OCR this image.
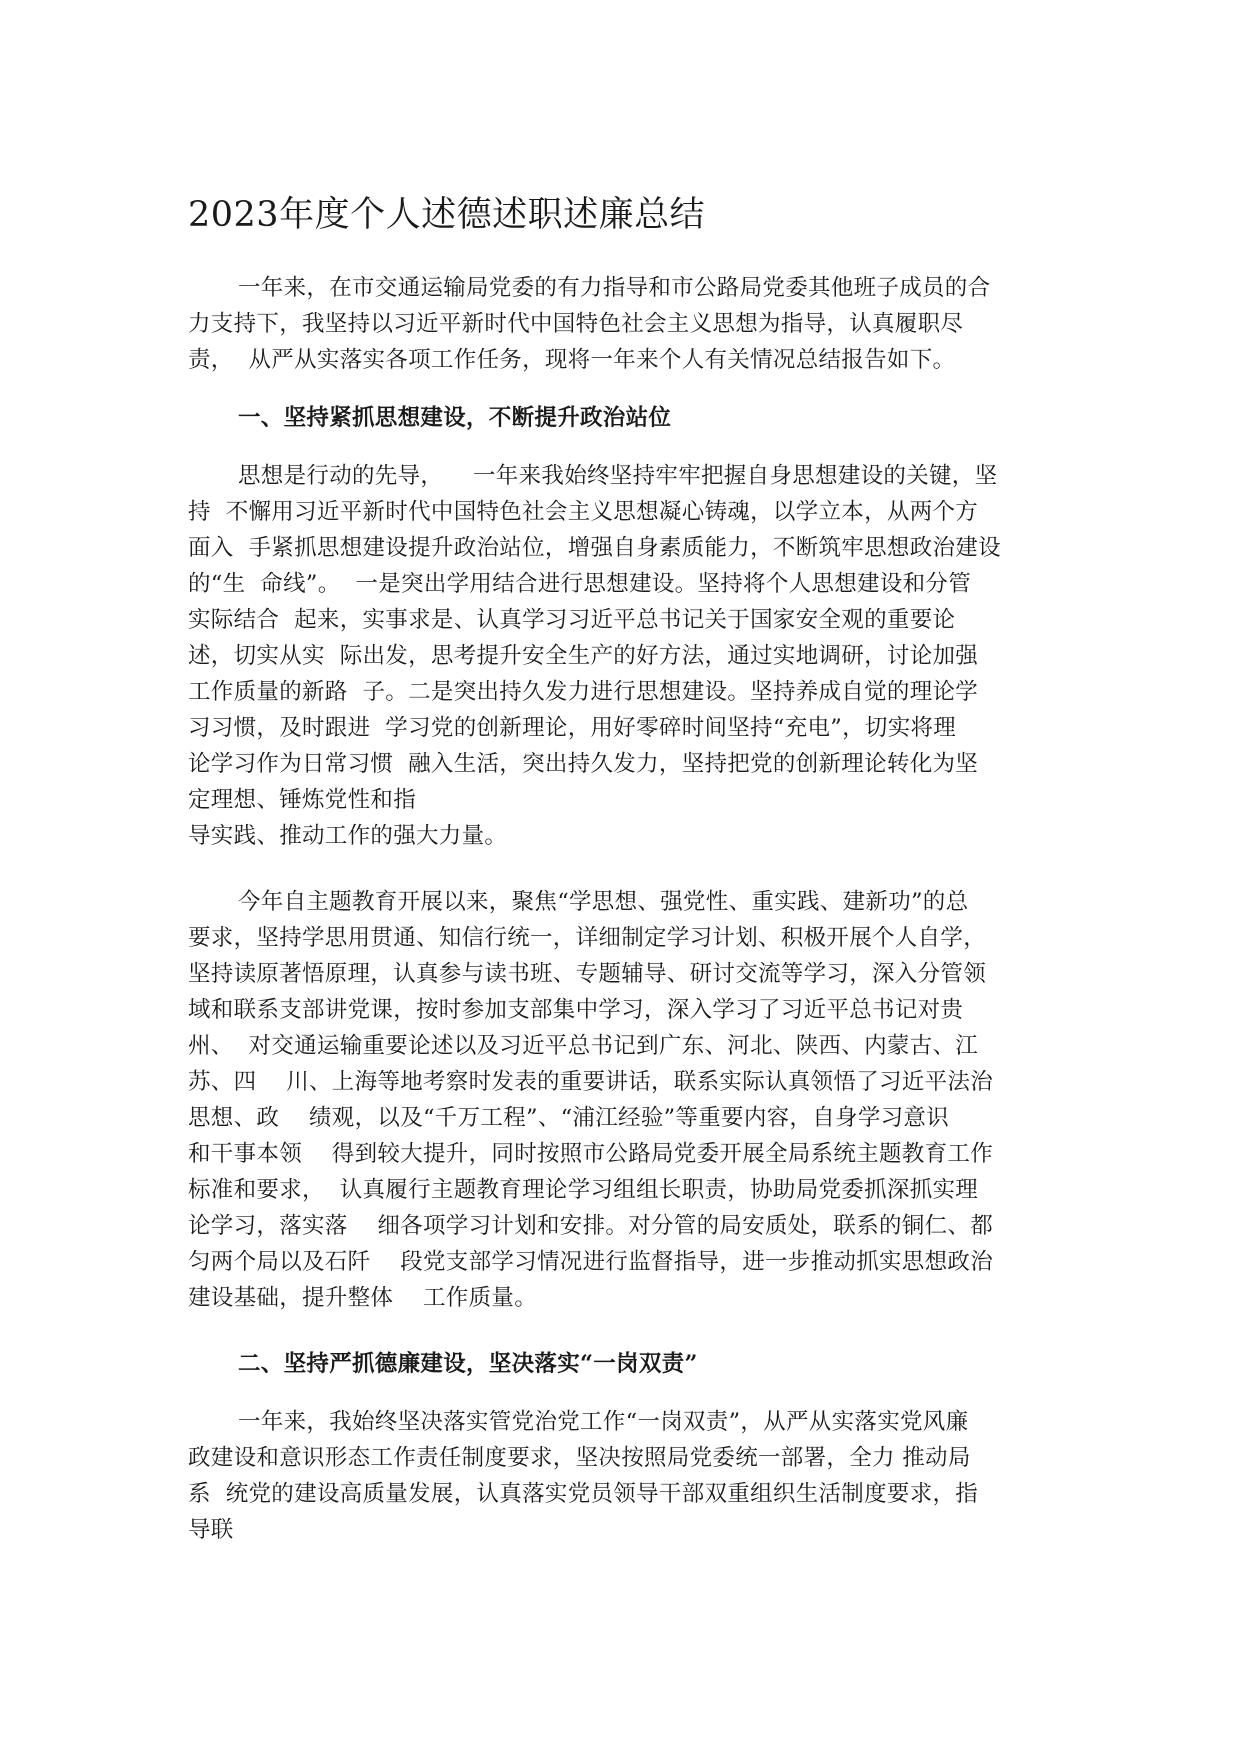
2023年度个人述德述职述廉总结

一年来，在市交通运输局党委的有力指导和市公路局党委其他班子成员的合
力支持下，我坚持以习近平新时代中国特色社会主义思想为指导，认真履职尽
责，  从严从实落实各项工作任务，现将一年来个人有关情况总结报告如下。

一、坚持紧抓思想建设，不断提升政治站位

思想是行动的先导，    一年来我始终坚持牢牢把握自身思想建设的关键，坚
持  不懈用习近平新时代中国特色社会主义思想凝心铸魂，以学立本，从两个方
面入  手紧抓思想建设提升政治站位，增强自身素质能力，不断筑牢思想政治建设
的“生  命线”。  一是突出学用结合进行思想建设。坚持将个人思想建设和分管
实际结合  起来，实事求是、认真学习习近平总书记关于国家安全观的重要论
述，切实从实  际出发，思考提升安全生产的好方法，通过实地调研，讨论加强
工作质量的新路  子。二是突出持久发力进行思想建设。坚持养成自觉的理论学
习习惯，及时跟进  学习党的创新理论，用好零碎时间坚持“充电”，切实将理
论学习作为日常习惯  融入生活，突出持久发力，坚持把党的创新理论转化为坚
定理想、锤炼党性和指
导实践、推动工作的强大力量。

今年自主题教育开展以来，聚焦“学思想、强党性、重实践、建新功”的总
要求，坚持学思用贯通、知信行统一，详细制定学习计划、积极开展个人自学，
坚持读原著悟原理，认真参与读书班、专题辅导、研讨交流等学习，深入分管领
域和联系支部讲党课，按时参加支部集中学习，深入学习了习近平总书记对贵
州、  对交通运输重要论述以及习近平总书记到广东、河北、陕西、内蒙古、江
苏、四    川、上海等地考察时发表的重要讲话，联系实际认真领悟了习近平法治
思想、政    绩观，以及“千万工程”、“浦江经验”等重要内容，自身学习意识
和干事本领    得到较大提升，同时按照市公路局党委开展全局系统主题教育工作
标准和要求，  认真履行主题教育理论学习组组长职责，协助局党委抓深抓实理
论学习，落实落    细各项学习计划和安排。对分管的局安质处，联系的铜仁、都
匀两个局以及石阡    段党支部学习情况进行监督指导，进一步推动抓实思想政治
建设基础，提升整体    工作质量。

二、坚持严抓德廉建设，坚决落实“一岗双责”

一年来，我始终坚决落实管党治党工作“一岗双责”，从严从实落实党风廉
政建设和意识形态工作责任制度要求，坚决按照局党委统一部署，全力 推动局
系  统党的建设高质量发展，认真落实党员领导干部双重组织生活制度要求，指
导联
